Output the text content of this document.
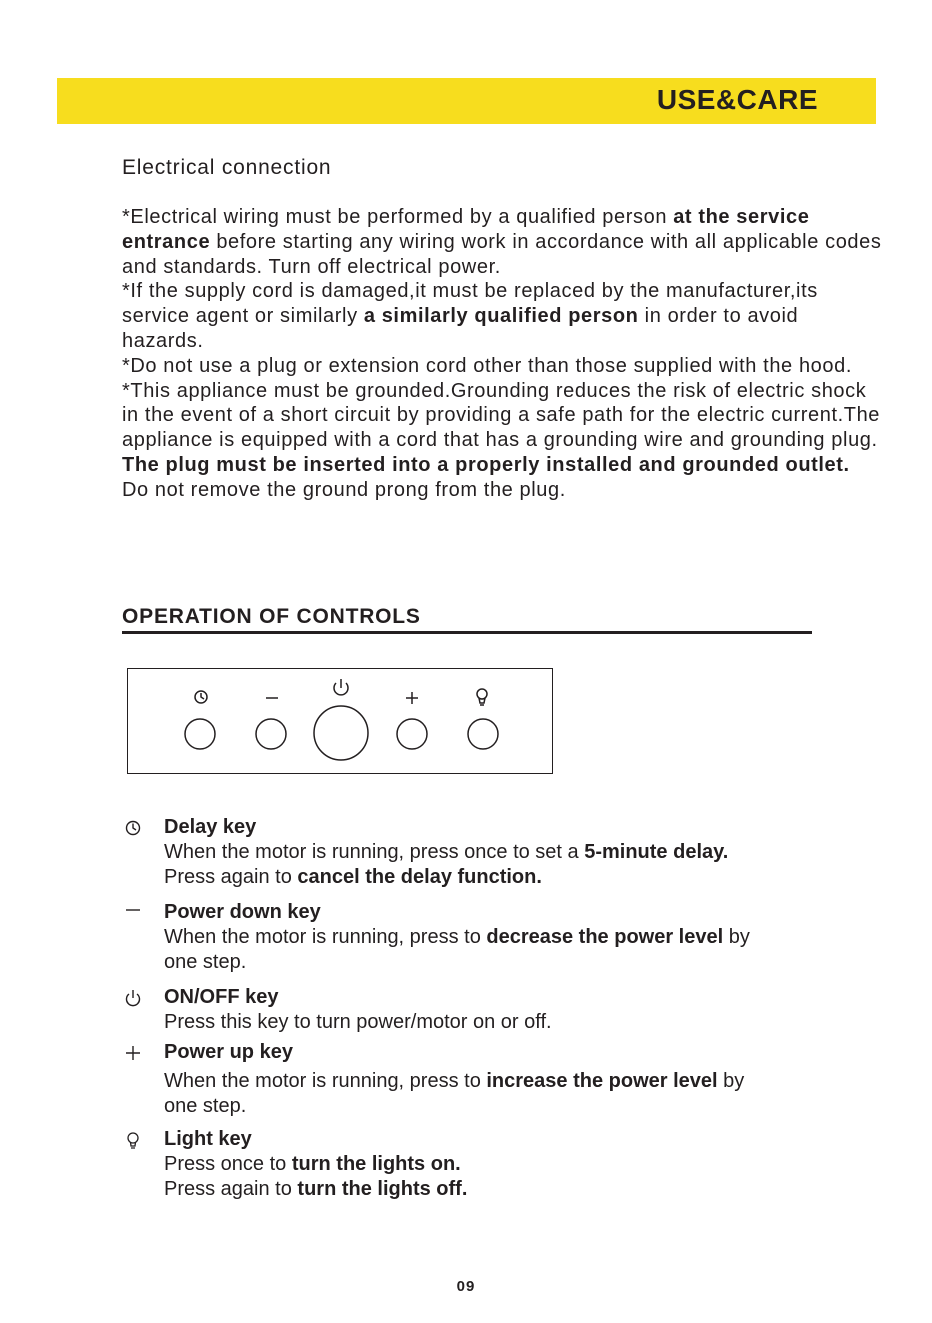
USE&CARE
Electrical connection

*Electrical wiring must be performed by a qualified person at the service entrance before starting any wiring work in accordance with all applicable codes and standards. Turn off electrical power.

*If the supply cord is damaged,it must be replaced by the manufacturer,its service agent or similarly a similarly qualified person in order to avoid hazards.

*Do not use a plug or extension cord other than those supplied with the hood.

*This appliance must be grounded.Grounding reduces the risk of electric shock in the event of a short circuit by providing a safe path for the electric current.The appliance is equipped with a cord that has a grounding wire and grounding plug. The plug must be inserted into a properly installed and grounded outlet. Do not remove the ground prong from the plug.

OPERATION OF CONTROLS

Delay key

When the motor is running, press once to set a 5-minute delay.

Press again to cancel the delay function.

Power down key

When the motor is running, press to decrease the power level by

one step.

ON/OFF key

Press this key to turn power/motor on or off.

Power up key

When the motor is running, press to increase the power level by

one step.

Light key

Press once to turn the lights on.

Press again to turn the lights off.

09
